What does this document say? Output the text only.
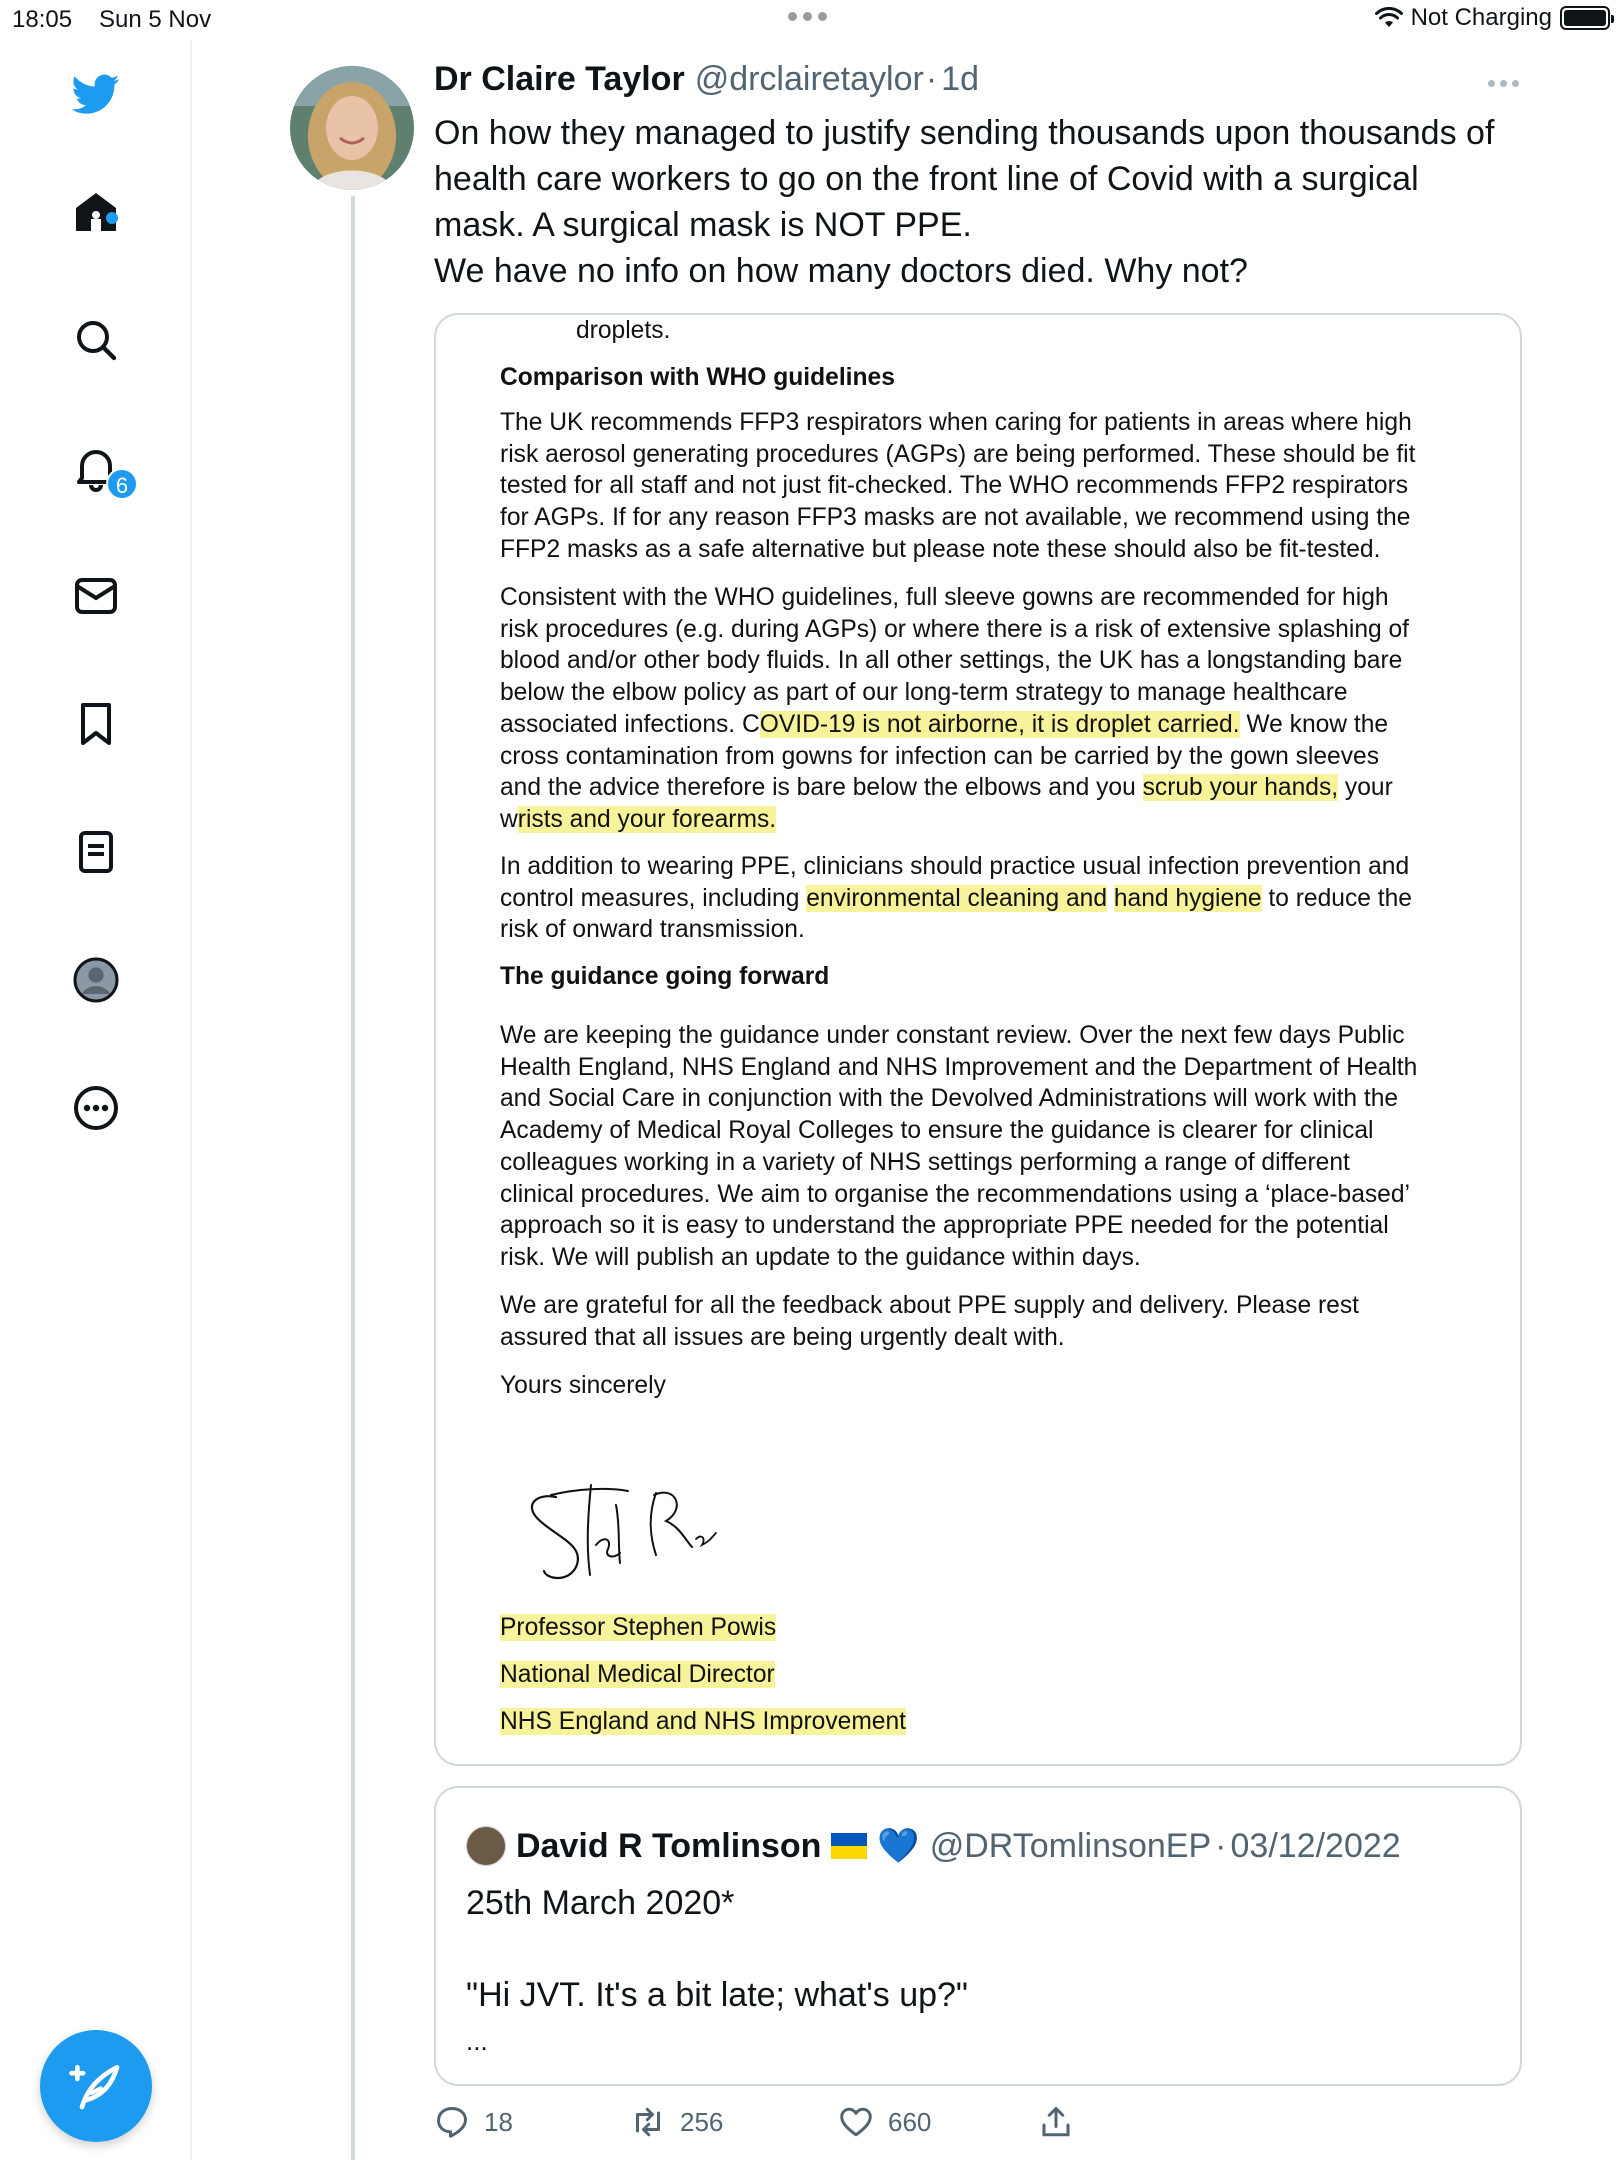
18:05 Sun 5 Nov	Not Charging
6
Dr Claire Taylor @drclairetaylor · 1d

On how they managed to justify sending thousands upon thousands of

health care workers to go on the front line of Covid with a surgical

mask. A surgical mask is NOT PPE.

We have no info on how many doctors died. Why not?

droplets.
Comparison with WHO guidelines
The UK recommends FFP3 respirators when caring for patients in areas where high
risk aerosol generating procedures (AGPs) are being performed. These should be fit
tested for all staff and not just fit-checked. The WHO recommends FFP2 respirators
for AGPs. If for any reason FFP3 masks are not available, we recommend using the
FFP2 masks as a safe alternative but please note these should also be fit-tested.
Consistent with the WHO guidelines, full sleeve gowns are recommended for high
risk procedures (e.g. during AGPs) or where there is a risk of extensive splashing of
blood and/or other body fluids. In all other settings, the UK has a longstanding bare
below the elbow policy as part of our long-term strategy to manage healthcare
associated infections. COVID-19 is not airborne, it is droplet carried. We know the
cross contamination from gowns for infection can be carried by the gown sleeves
and the advice therefore is bare below the elbows and you scrub your hands, your
wrists and your forearms.
In addition to wearing PPE, clinicians should practice usual infection prevention and
control measures, including environmental cleaning and hand hygiene to reduce the
risk of onward transmission.
The guidance going forward
We are keeping the guidance under constant review. Over the next few days Public
Health England, NHS England and NHS Improvement and the Department of Health
and Social Care in conjunction with the Devolved Administrations will work with the
Academy of Medical Royal Colleges to ensure the guidance is clearer for clinical
colleagues working in a variety of NHS settings performing a range of different
clinical procedures. We aim to organise the recommendations using a ‘place-based’
approach so it is easy to understand the appropriate PPE needed for the potential
risk. We will publish an update to the guidance within days.
We are grateful for all the feedback about PPE supply and delivery. Please rest
assured that all issues are being urgently dealt with.
Yours sincerely
Professor Stephen Powis
National Medical Director
NHS England and NHS Improvement
David R Tomlinson 💙 @DRTomlinsonEP · 03/12/2022

25th March 2020*

"Hi JVT. It's a bit late; what's up?"

...

18	256	660
